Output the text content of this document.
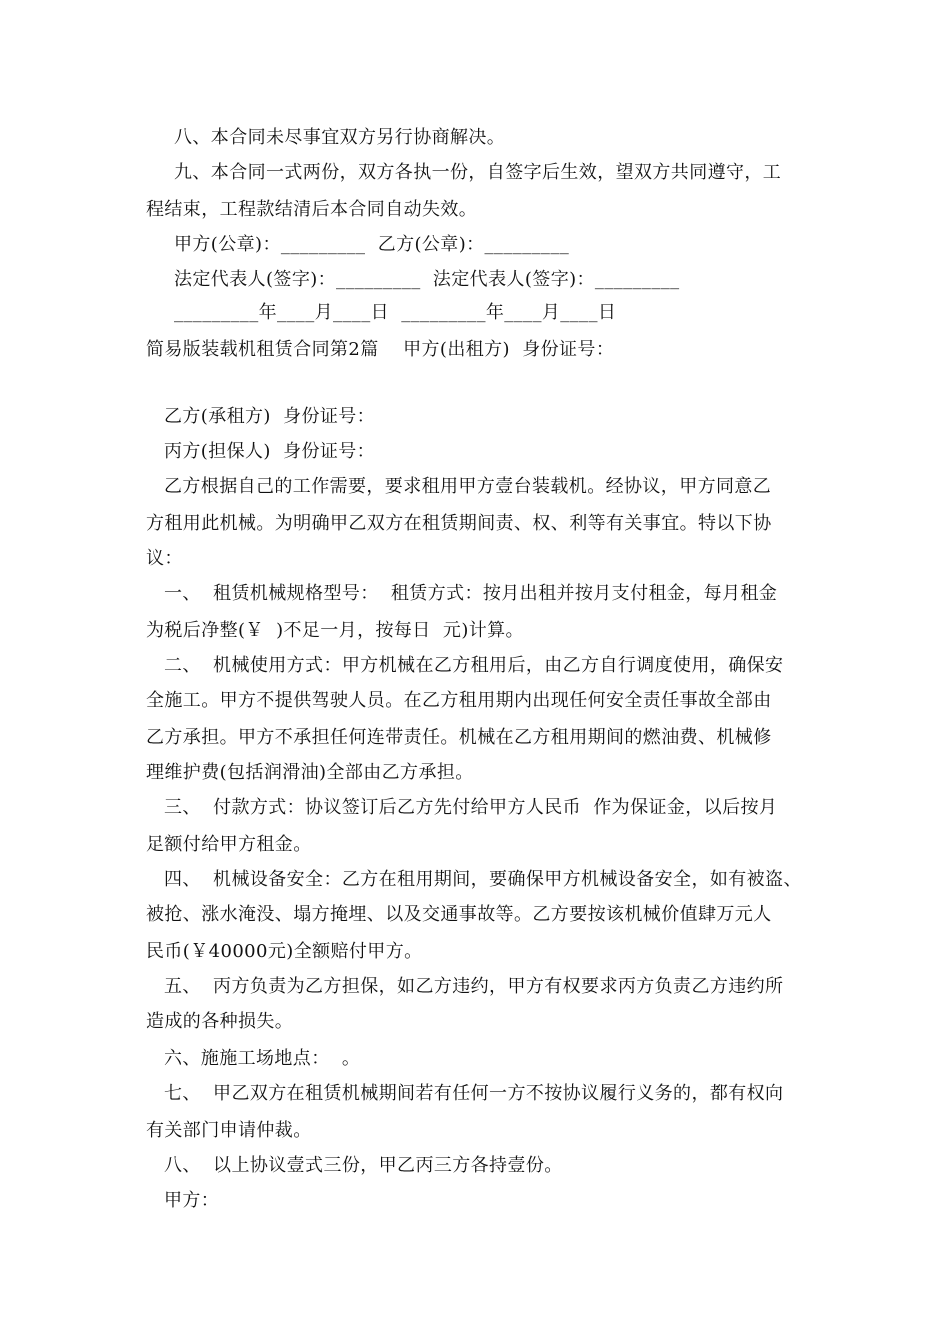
八、本合同未尽事宜双方另行协商解决。
九、本合同一式两份，双方各执一份，自签字后生效，望双方共同遵守，工
程结束，工程款结清后本合同自动失效。
甲方(公章)：_________  乙方(公章)：_________
法定代表人(签字)：_________  法定代表人(签字)：_________
_________年____月____日  _________年____月____日
简易版装载机租赁合同第2篇    甲方(出租方)  身份证号：
乙方(承租方)  身份证号：
丙方(担保人)  身份证号：
乙方根据自己的工作需要，要求租用甲方壹台装载机。经协议，甲方同意乙
方租用此机械。为明确甲乙双方在租赁期间责、权、利等有关事宜。特以下协
议：
一、  租赁机械规格型号：  租赁方式：按月出租并按月支付租金，每月租金
为税后净整(￥  )不足一月，按每日  元)计算。
二、  机械使用方式：甲方机械在乙方租用后，由乙方自行调度使用，确保安
全施工。甲方不提供驾驶人员。在乙方租用期内出现任何安全责任事故全部由
乙方承担。甲方不承担任何连带责任。机械在乙方租用期间的燃油费、机械修
理维护费(包括润滑油)全部由乙方承担。
三、  付款方式：协议签订后乙方先付给甲方人民币  作为保证金，以后按月
足额付给甲方租金。
四、  机械设备安全：乙方在租用期间，要确保甲方机械设备安全，如有被盗、
被抢、涨水淹没、塌方掩埋、以及交通事故等。乙方要按该机械价值肆万元人
民币(￥40000元)全额赔付甲方。
五、  丙方负责为乙方担保，如乙方违约，甲方有权要求丙方负责乙方违约所
造成的各种损失。
六、施施工场地点：  。
七、  甲乙双方在租赁机械期间若有任何一方不按协议履行义务的，都有权向
有关部门申请仲裁。
八、  以上协议壹式三份，甲乙丙三方各持壹份。
甲方：
